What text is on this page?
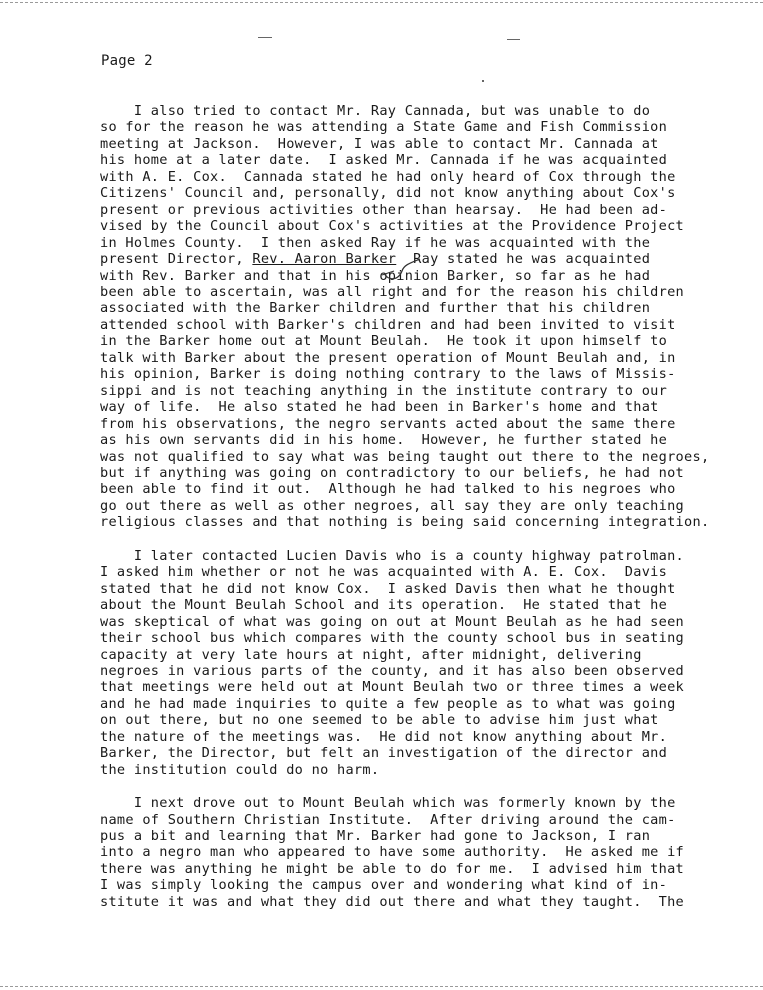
Page 2
I also tried to contact Mr. Ray Cannada, but was unable to do
so for the reason he was attending a State Game and Fish Commission
meeting at Jackson.  However, I was able to contact Mr. Cannada at
his home at a later date.  I asked Mr. Cannada if he was acquainted
with A. E. Cox.  Cannada stated he had only heard of Cox through the
Citizens' Council and, personally, did not know anything about Cox's
present or previous activities other than hearsay.  He had been ad-
vised by the Council about Cox's activities at the Providence Project
in Holmes County.  I then asked Ray if he was acquainted with the
present Director, Rev. Aaron Barker  Ray stated he was acquainted
with Rev. Barker and that in his opinion Barker, so far as he had
been able to ascertain, was all right and for the reason his children
associated with the Barker children and further that his children
attended school with Barker's children and had been invited to visit
in the Barker home out at Mount Beulah.  He took it upon himself to
talk with Barker about the present operation of Mount Beulah and, in
his opinion, Barker is doing nothing contrary to the laws of Missis-
sippi and is not teaching anything in the institute contrary to our
way of life.  He also stated he had been in Barker's home and that
from his observations, the negro servants acted about the same there
as his own servants did in his home.  However, he further stated he
was not qualified to say what was being taught out there to the negroes,
but if anything was going on contradictory to our beliefs, he had not
been able to find it out.  Although he had talked to his negroes who
go out there as well as other negroes, all say they are only teaching
religious classes and that nothing is being said concerning integration.
I later contacted Lucien Davis who is a county highway patrolman.
I asked him whether or not he was acquainted with A. E. Cox.  Davis
stated that he did not know Cox.  I asked Davis then what he thought
about the Mount Beulah School and its operation.  He stated that he
was skeptical of what was going on out at Mount Beulah as he had seen
their school bus which compares with the county school bus in seating
capacity at very late hours at night, after midnight, delivering
negroes in various parts of the county, and it has also been observed
that meetings were held out at Mount Beulah two or three times a week
and he had made inquiries to quite a few people as to what was going
on out there, but no one seemed to be able to advise him just what
the nature of the meetings was.  He did not know anything about Mr.
Barker, the Director, but felt an investigation of the director and
the institution could do no harm.
I next drove out to Mount Beulah which was formerly known by the
name of Southern Christian Institute.  After driving around the cam-
pus a bit and learning that Mr. Barker had gone to Jackson, I ran
into a negro man who appeared to have some authority.  He asked me if
there was anything he might be able to do for me.  I advised him that
I was simply looking the campus over and wondering what kind of in-
stitute it was and what they did out there and what they taught.  The
